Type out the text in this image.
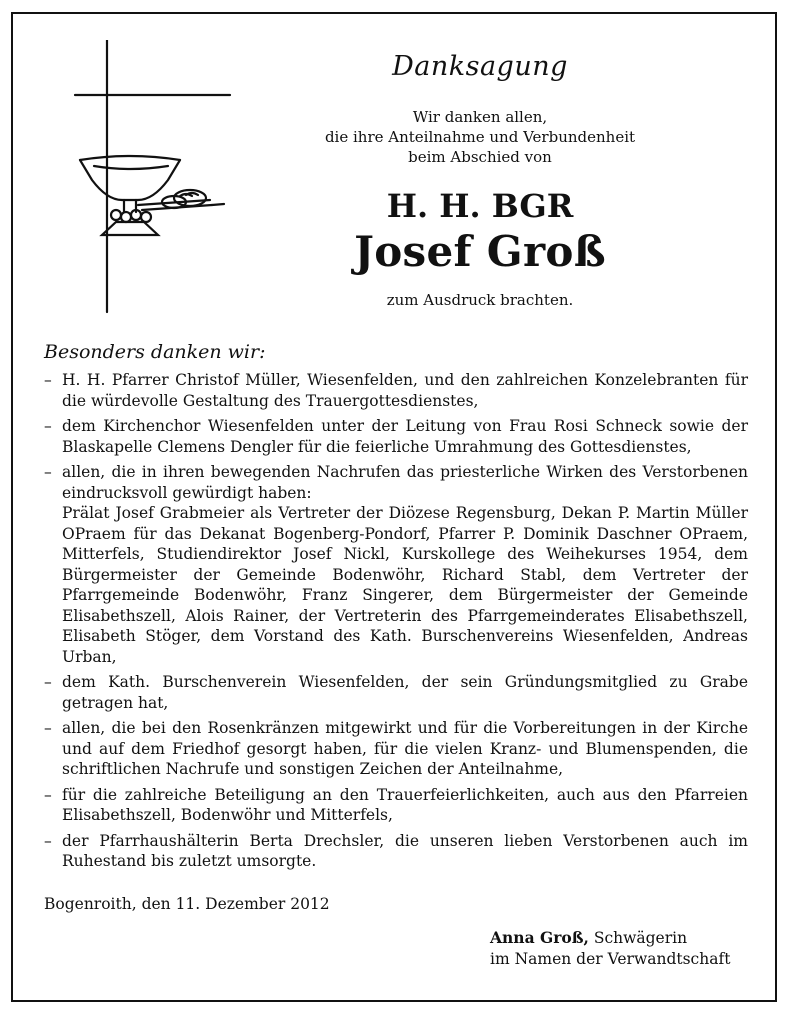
Danksagung
Wir danken allen,
die ihre Anteilnahme und Verbundenheit
beim Abschied von
H. H. BGR
Josef Groß
zum Ausdruck brachten.
Besonders danken wir:
– H. H. Pfarrer Christof Müller, Wiesenfelden, und den zahlreichen Konzelebranten für die würdevolle Gestaltung des Trauergottesdienstes,
– dem Kirchenchor Wiesenfelden unter der Leitung von Frau Rosi Schneck sowie der Blaskapelle Clemens Dengler für die feierliche Umrahmung des Gottesdienstes,
– allen, die in ihren bewegenden Nachrufen das priesterliche Wirken des Verstorbenen eindrucksvoll gewürdigt haben:
Prälat Josef Grabmeier als Vertreter der Diözese Regensburg, Dekan P. Martin Müller OPraem für das Dekanat Bogenberg-Pondorf, Pfarrer P. Dominik Daschner OPraem, Mitterfels, Studiendirektor Josef Nickl, Kurskollege des Weihekurses 1954, dem Bürgermeister der Gemeinde Bodenwöhr, Richard Stabl, dem Vertreter der Pfarrgemeinde Bodenwöhr, Franz Singerer, dem Bürgermeister der Gemeinde Elisabethszell, Alois Rainer, der Vertreterin des Pfarrgemeinderates Elisabethszell, Elisabeth Stöger, dem Vorstand des Kath. Burschenvereins Wiesenfelden, Andreas Urban,
– dem Kath. Burschenverein Wiesenfelden, der sein Gründungsmitglied zu Grabe getragen hat,
– allen, die bei den Rosenkränzen mitgewirkt und für die Vorbereitungen in der Kirche und auf dem Friedhof gesorgt haben, für die vielen Kranz- und Blumenspenden, die schriftlichen Nachrufe und sonstigen Zeichen der Anteilnahme,
– für die zahlreiche Beteiligung an den Trauerfeierlichkeiten, auch aus den Pfarreien Elisabethszell, Bodenwöhr und Mitterfels,
– der Pfarrhaushälterin Berta Drechsler, die unseren lieben Verstorbenen auch im Ruhestand bis zuletzt umsorgte.
Bogenroith, den 11. Dezember 2012
Anna Groß, Schwägerin
im Namen der Verwandtschaft
